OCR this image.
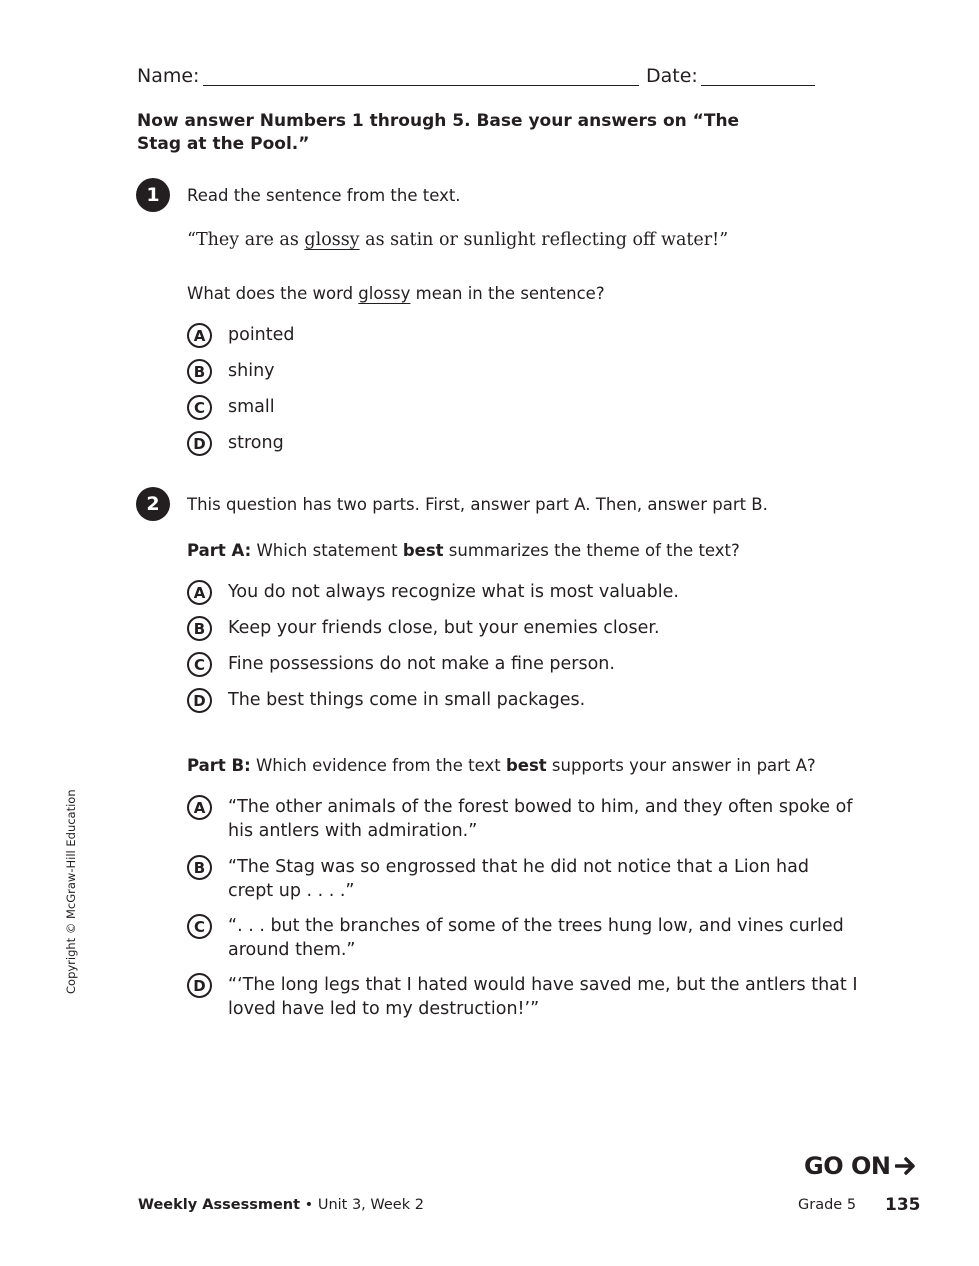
Name:	Date:
Now answer Numbers 1 through 5. Base your answers on “The Stag at the Pool.”
1	Read the sentence from the text.
“They are as glossy as satin or sunlight reflecting off water!”
What does the word glossy mean in the sentence?
A	pointed
B	shiny
C	small
D	strong
2	This question has two parts. First, answer part A. Then, answer part B.
Part A: Which statement best summarizes the theme of the text?
A	You do not always recognize what is most valuable.
B	Keep your friends close, but your enemies closer.
C	Fine possessions do not make a fine person.
D	The best things come in small packages.
Part B: Which evidence from the text best supports your answer in part A?
A	“The other animals of the forest bowed to him, and they often spoke of
his antlers with admiration.”
B	“The Stag was so engrossed that he did not notice that a Lion had
crept up . . . .”
C	“. . . but the branches of some of the trees hung low, and vines curled
around them.”
D	“‘The long legs that I hated would have saved me, but the antlers that I
loved have led to my destruction!’”
Copyright © McGraw-Hill Education
GO ON
Weekly Assessment • Unit 3, Week 2	Grade 5 135
